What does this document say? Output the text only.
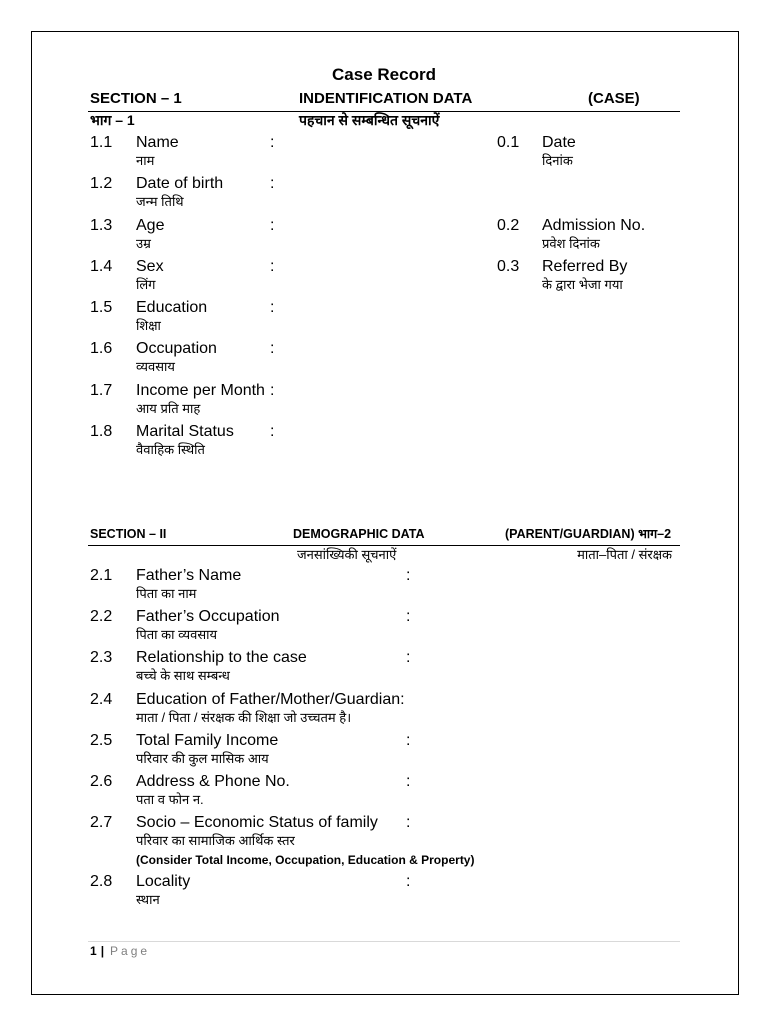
Case Record
SECTION – 1	INDENTIFICATION DATA	(CASE)
भाग – 1	पहचान से सम्बन्धित सूचनाऐं
1.1 Name	:
नाम
1.2 Date of birth	:
जन्म तिथि
1.3 Age	:
उम्र
1.4 Sex	:
लिंग
1.5 Education	:
शिक्षा
1.6 Occupation	:
व्यवसाय
1.7 Income per Month :
आय प्रति माह
1.8 Marital Status :
वैवाहिक स्थिति
0.1 Date
दिनांक
0.2 Admission No.
प्रवेश दिनांक
0.3 Referred By
के द्वारा भेजा गया
SECTION – II	DEMOGRAPHIC DATA	(PARENT/GUARDIAN) भाग–2
जनसांख्यिकी सूचनाऐं	माता–पिता / संरक्षक
2.1 Father’s Name	:
पिता का नाम
2.2 Father’s Occupation	:
पिता का व्यवसाय
2.3 Relationship to the case	:
बच्चे के साथ सम्बन्ध
2.4 Education of Father/Mother/Guardian:
माता / पिता / संरक्षक की शिक्षा जो उच्चतम है।
2.5 Total Family Income	:
परिवार की कुल मासिक आय
2.6 Address & Phone No.	:
पता व फोन न.
2.7 Socio – Economic Status of family :
परिवार का सामाजिक आर्थिक स्तर
(Consider Total Income, Occupation, Education & Property)
2.8 Locality	:
स्थान
1 | Page
